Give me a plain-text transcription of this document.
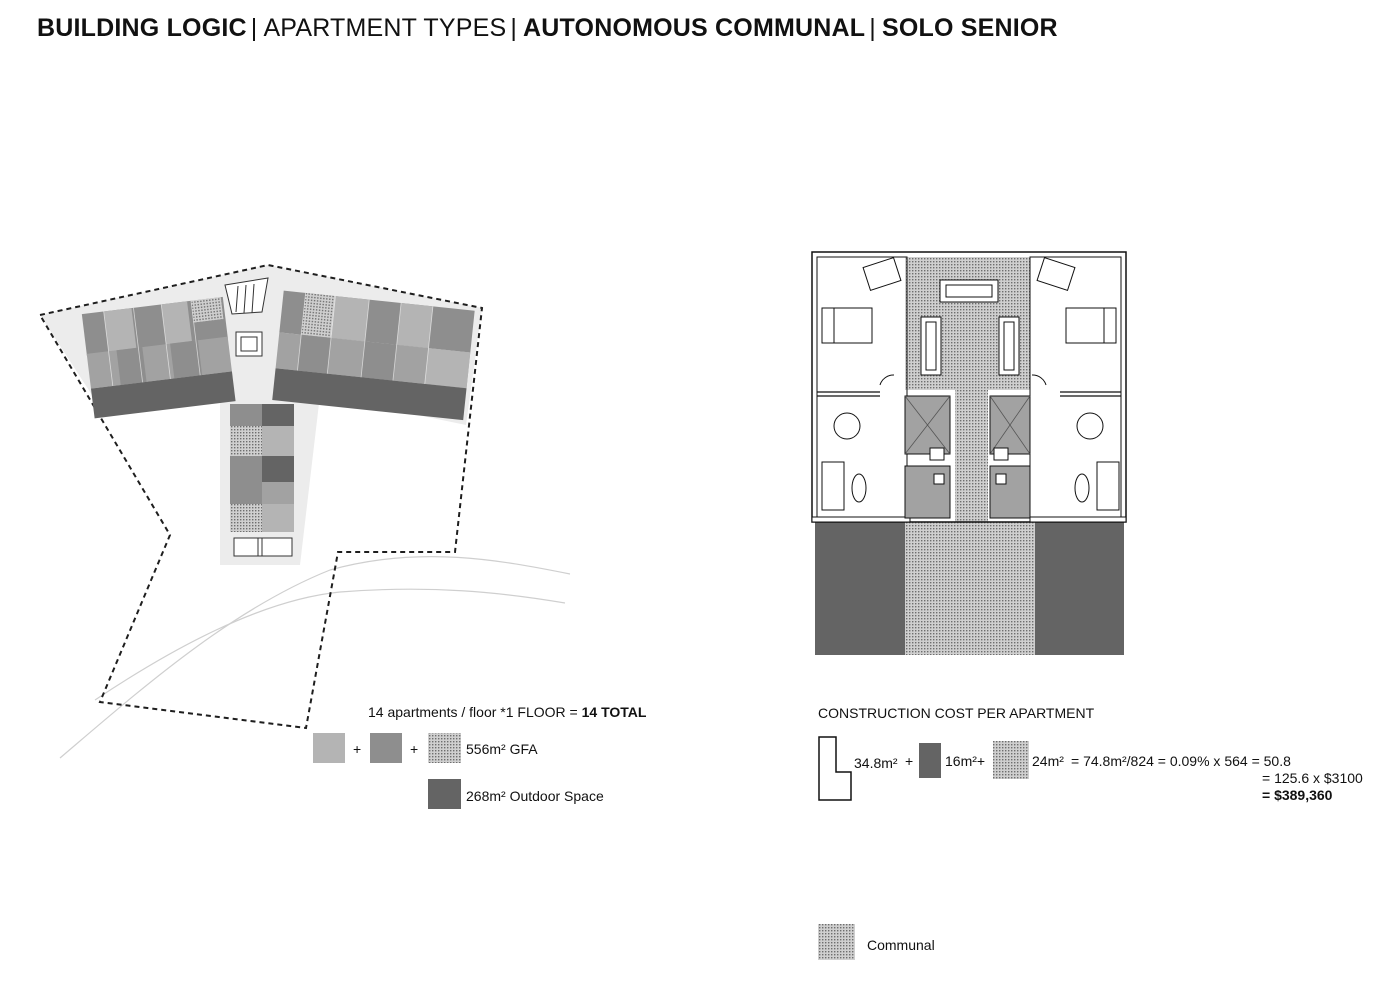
BUILDING LOGIC | APARTMENT TYPES | AUTONOMOUS COMMUNAL | SOLO SENIOR
14 apartments / floor *1 FLOOR = 14 TOTAL
+	+	556m² GFA
268m² Outdoor Space
CONSTRUCTION COST PER APARTMENT
34.8m² + 16m²+	24m² = 74.8m²/824 = 0.09% x 564 = 50.8
= 125.6 x $3100
= $389,360
Communal
